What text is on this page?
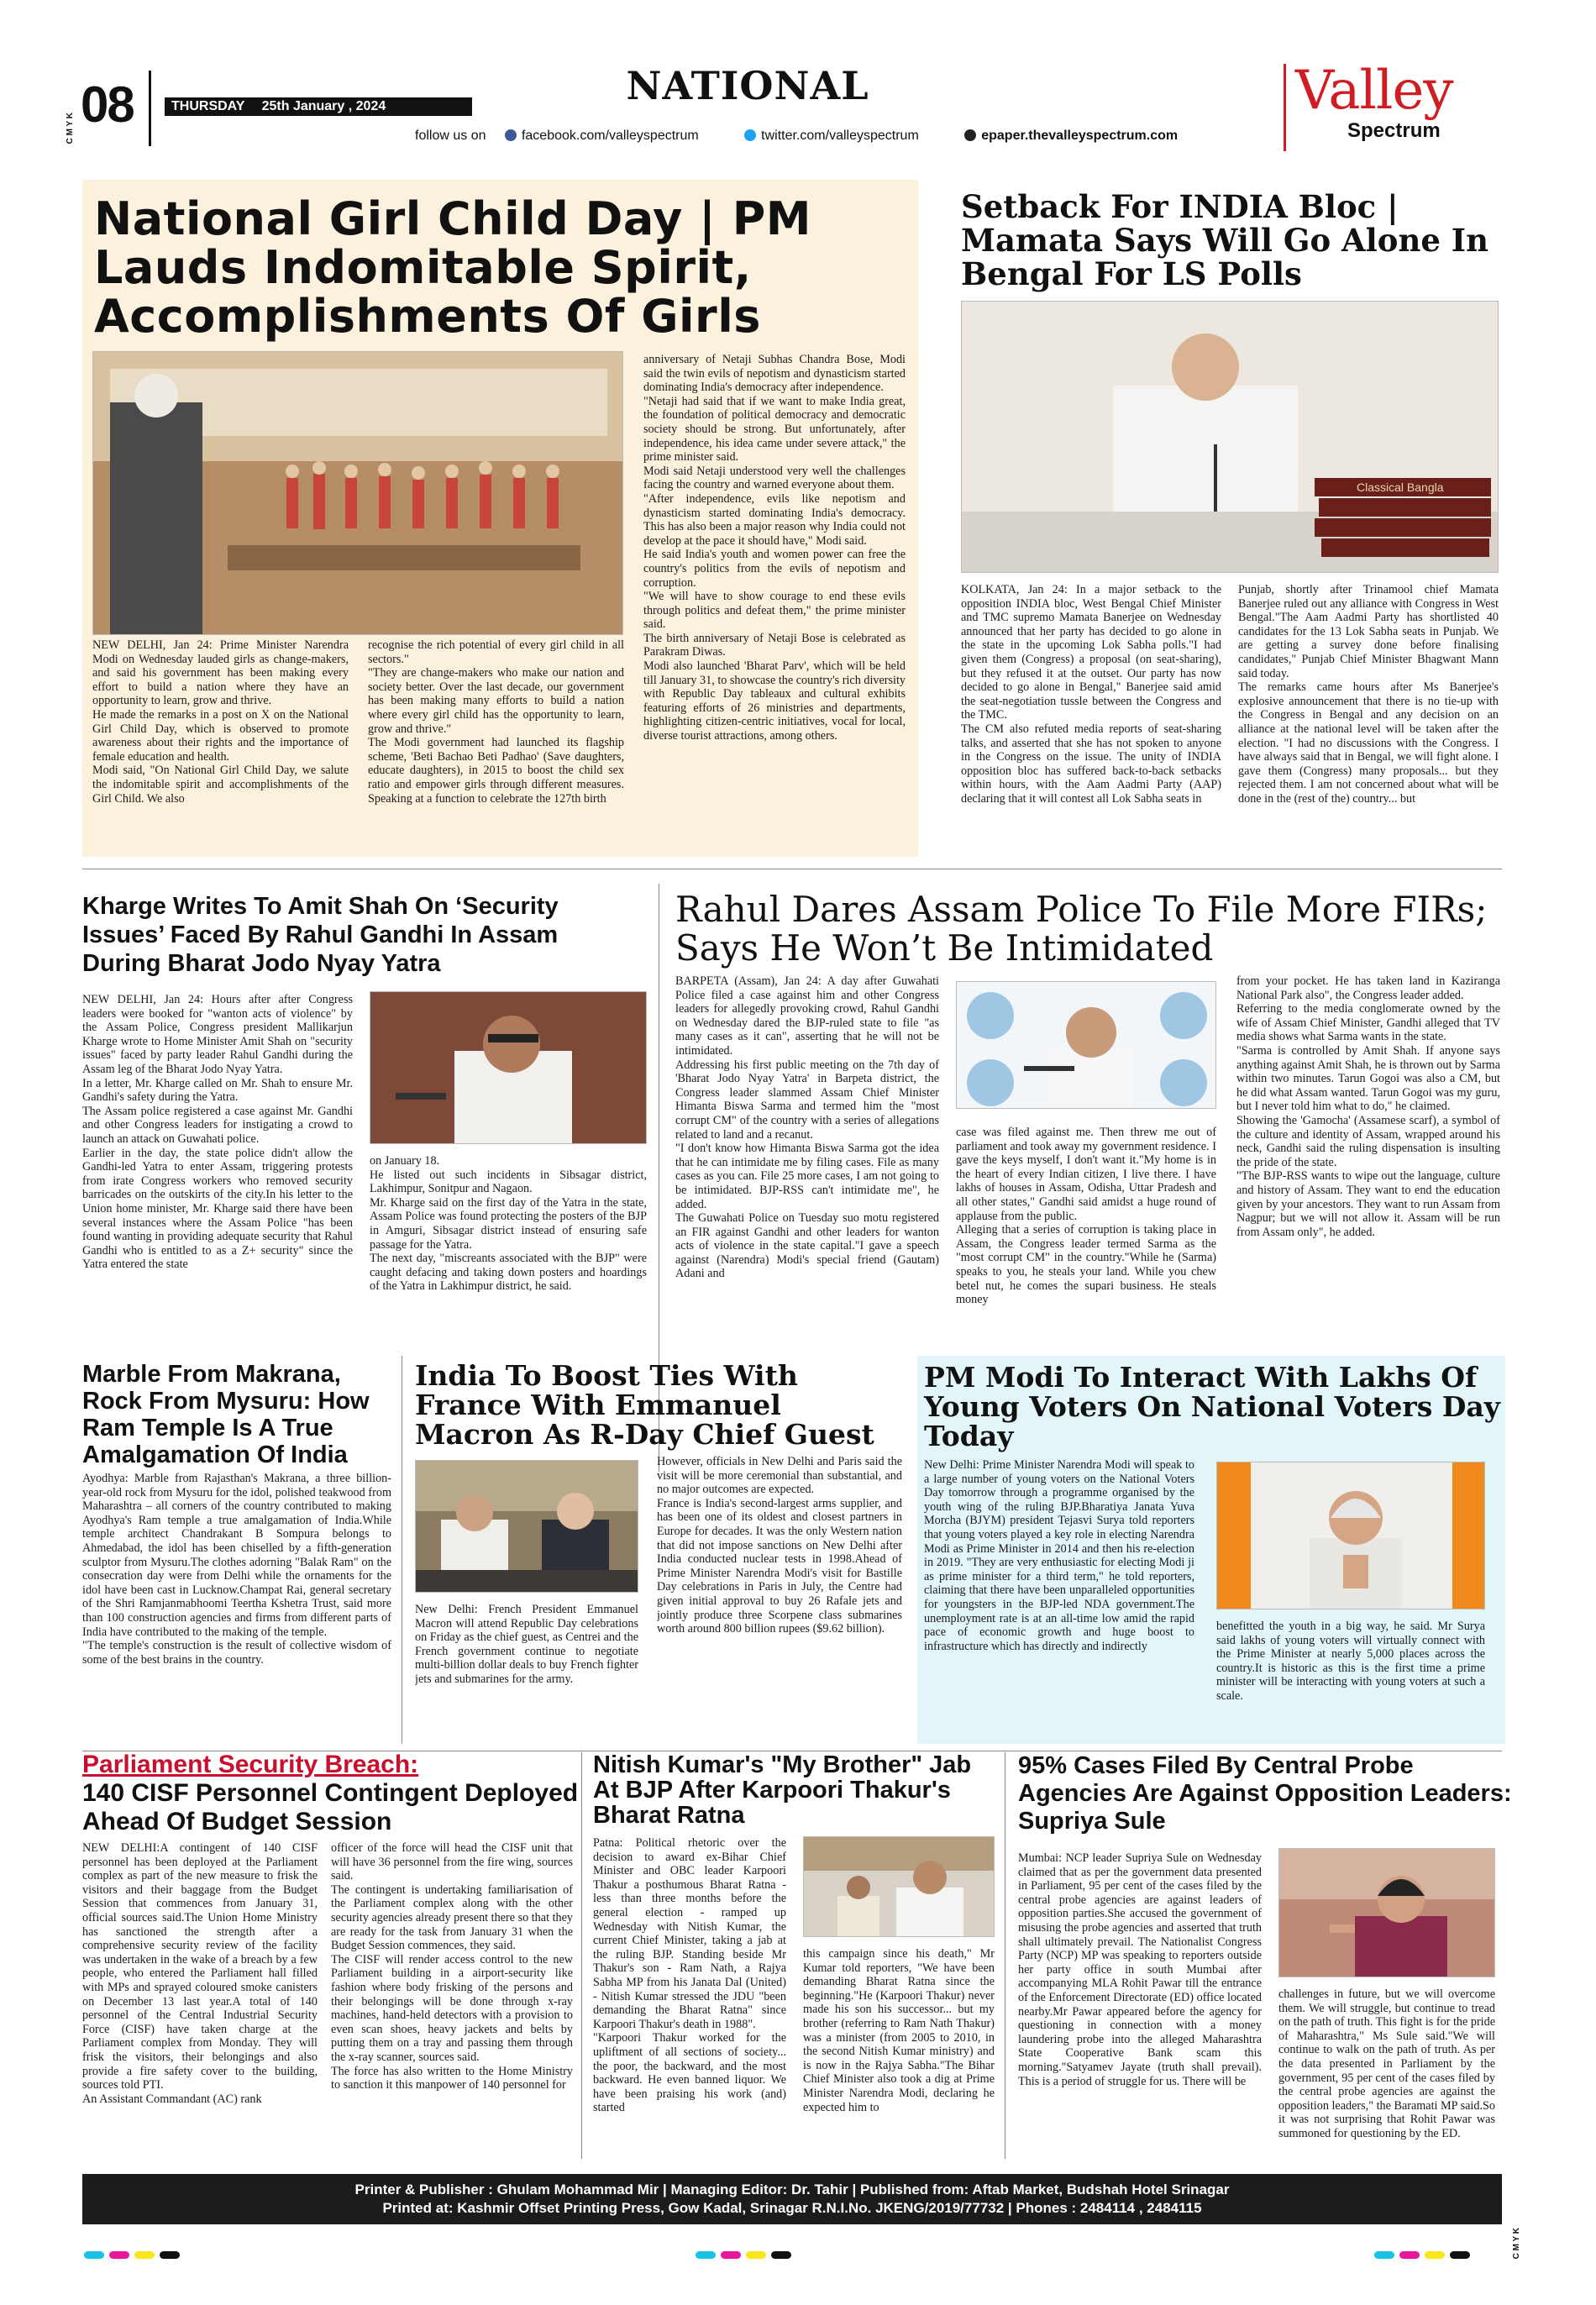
C M Y K 08	THURSDAY 25th January , 2024	NATIONAL
follow us on	facebook.com/valleyspectrum	twitter.com/valleyspectrum	epaper.thevalleyspectrum.com
Valley
Spectrum
National Girl Child Day | PM Lauds Indomitable Spirit, Accomplishments Of Girls
NEW DELHI, Jan 24: Prime Minister Narendra Modi on Wednesday lauded girls as change-makers, and said his government has been making every effort to build a nation where they have an opportunity to learn, grow and thrive.
He made the remarks in a post on X on the National Girl Child Day, which is observed to promote awareness about their rights and the importance of female education and health.
Modi said, "On National Girl Child Day, we salute the indomitable spirit and accomplishments of the Girl Child. We also
recognise the rich potential of every girl child in all sectors."
"They are change-makers who make our nation and society better. Over the last decade, our government has been making many efforts to build a nation where every girl child has the opportunity to learn, grow and thrive."
The Modi government had launched its flagship scheme, 'Beti Bachao Beti Padhao' (Save daughters, educate daughters), in 2015 to boost the child sex ratio and empower girls through different measures. Speaking at a function to celebrate the 127th birth
anniversary of Netaji Subhas Chandra Bose, Modi said the twin evils of nepotism and dynasticism started dominating India's democracy after independence.
"Netaji had said that if we want to make India great, the foundation of political democracy and democratic society should be strong. But unfortunately, after independence, his idea came under severe attack," the prime minister said.
Modi said Netaji understood very well the challenges facing the country and warned everyone about them.
"After independence, evils like nepotism and dynasticism started dominating India's democracy. This has also been a major reason why India could not develop at the pace it should have," Modi said.
He said India's youth and women power can free the country's politics from the evils of nepotism and corruption.
"We will have to show courage to end these evils through politics and defeat them," the prime minister said.
The birth anniversary of Netaji Bose is celebrated as Parakram Diwas.
Modi also launched 'Bharat Parv', which will be held till January 31, to showcase the country's rich diversity with Republic Day tableaux and cultural exhibits featuring efforts of 26 ministries and departments, highlighting citizen-centric initiatives, vocal for local, diverse tourist attractions, among others.
Setback For INDIA Bloc | Mamata Says Will Go Alone In Bengal For LS Polls
Classical Bangla
KOLKATA, Jan 24: In a major setback to the opposition INDIA bloc, West Bengal Chief Minister and TMC supremo Mamata Banerjee on Wednesday announced that her party has decided to go alone in the state in the upcoming Lok Sabha polls."I had given them (Congress) a proposal (on seat-sharing), but they refused it at the outset. Our party has now decided to go alone in Bengal," Banerjee said amid the seat-negotiation tussle between the Congress and the TMC.
The CM also refuted media reports of seat-sharing talks, and asserted that she has not spoken to anyone in the Congress on the issue. The unity of INDIA opposition bloc has suffered back-to-back setbacks within hours, with the Aam Aadmi Party (AAP) declaring that it will contest all Lok Sabha seats in
Punjab, shortly after Trinamool chief Mamata Banerjee ruled out any alliance with Congress in West Bengal."The Aam Aadmi Party has shortlisted 40 candidates for the 13 Lok Sabha seats in Punjab. We are getting a survey done before finalising candidates," Punjab Chief Minister Bhagwant Mann said today.
The remarks came hours after Ms Banerjee's explosive announcement that there is no tie-up with the Congress in Bengal and any decision on an alliance at the national level will be taken after the election. "I had no discussions with the Congress. I have always said that in Bengal, we will fight alone. I gave them (Congress) many proposals... but they rejected them. I am not concerned about what will be done in the (rest of the) country... but
Kharge Writes To Amit Shah On ‘Security Issues’ Faced By Rahul Gandhi In Assam During Bharat Jodo Nyay Yatra
NEW DELHI, Jan 24: Hours after after Congress leaders were booked for "wanton acts of violence" by the Assam Police, Congress president Mallikarjun Kharge wrote to Home Minister Amit Shah on "security issues" faced by party leader Rahul Gandhi during the Assam leg of the Bharat Jodo Nyay Yatra.
In a letter, Mr. Kharge called on Mr. Shah to ensure Mr. Gandhi's safety during the Yatra.
The Assam police registered a case against Mr. Gandhi and other Congress leaders for instigating a crowd to launch an attack on Guwahati police.
Earlier in the day, the state police didn't allow the Gandhi-led Yatra to enter Assam, triggering protests from irate Congress workers who removed security barricades on the outskirts of the city.In his letter to the Union home minister, Mr. Kharge said there have been several instances where the Assam Police "has been found wanting in providing adequate security that Rahul Gandhi who is entitled to as a Z+ security" since the Yatra entered the state
on January 18.
He listed out such incidents in Sibsagar district, Lakhimpur, Sonitpur and Nagaon.
Mr. Kharge said on the first day of the Yatra in the state, Assam Police was found protecting the posters of the BJP in Amguri, Sibsagar district instead of ensuring safe passage for the Yatra.
The next day, "miscreants associated with the BJP" were caught defacing and taking down posters and hoardings of the Yatra in Lakhimpur district, he said.
Rahul Dares Assam Police To File More FIRs; Says He Won’t Be Intimidated
BARPETA (Assam), Jan 24: A day after Guwahati Police filed a case against him and other Congress leaders for allegedly provoking crowd, Rahul Gandhi on Wednesday dared the BJP-ruled state to file "as many cases as it can", asserting that he will not be intimidated.
Addressing his first public meeting on the 7th day of 'Bharat Jodo Nyay Yatra' in Barpeta district, the Congress leader slammed Assam Chief Minister Himanta Biswa Sarma and termed him the "most corrupt CM" of the country with a series of allegations related to land and a recanut.
"I don't know how Himanta Biswa Sarma got the idea that he can intimidate me by filing cases. File as many cases as you can. File 25 more cases, I am not going to be intimidated. BJP-RSS can't intimidate me", he added.
The Guwahati Police on Tuesday suo motu registered an FIR against Gandhi and other leaders for wanton acts of violence in the state capital."I gave a speech against (Narendra) Modi's special friend (Gautam) Adani and
case was filed against me. Then threw me out of parliament and took away my government residence. I gave the keys myself, I don't want it."My home is in the heart of every Indian citizen, I live there. I have lakhs of houses in Assam, Odisha, Uttar Pradesh and all other states," Gandhi said amidst a huge round of applause from the public.
Alleging that a series of corruption is taking place in Assam, the Congress leader termed Sarma as the "most corrupt CM" in the country."While he (Sarma) speaks to you, he steals your land. While you chew betel nut, he comes the supari business. He steals money
from your pocket. He has taken land in Kaziranga National Park also", the Congress leader added.
Referring to the media conglomerate owned by the wife of Assam Chief Minister, Gandhi alleged that TV media shows what Sarma wants in the state.
"Sarma is controlled by Amit Shah. If anyone says anything against Amit Shah, he is thrown out by Sarma within two minutes. Tarun Gogoi was also a CM, but he did what Assam wanted. Tarun Gogoi was my guru, but I never told him what to do," he claimed.
Showing the 'Gamocha' (Assamese scarf), a symbol of the culture and identity of Assam, wrapped around his neck, Gandhi said the ruling dispensation is insulting the pride of the state.
"The BJP-RSS wants to wipe out the language, culture and history of Assam. They want to end the education given by your ancestors. They want to run Assam from Nagpur; but we will not allow it. Assam will be run from Assam only", he added.
Marble From Makrana, Rock From Mysuru: How Ram Temple Is A True Amalgamation Of India
Ayodhya: Marble from Rajasthan's Makrana, a three billion-year-old rock from Mysuru for the idol, polished teakwood from Maharashtra – all corners of the country contributed to making Ayodhya's Ram temple a true amalgamation of India.While temple architect Chandrakant B Sompura belongs to Ahmedabad, the idol has been chiselled by a fifth-generation sculptor from Mysuru.The clothes adorning "Balak Ram" on the consecration day were from Delhi while the ornaments for the idol have been cast in Lucknow.Champat Rai, general secretary of the Shri Ramjanmabhoomi Teertha Kshetra Trust, said more than 100 construction agencies and firms from different parts of India have contributed to the making of the temple.
"The temple's construction is the result of collective wisdom of some of the best brains in the country.
India To Boost Ties With France With Emmanuel Macron As R-Day Chief Guest
New Delhi: French President Emmanuel Macron will attend Republic Day celebrations on Friday as the chief guest, as Centrei and the French government continue to negotiate multi-billion dollar deals to buy French fighter jets and submarines for the army.
However, officials in New Delhi and Paris said the visit will be more ceremonial than substantial, and no major outcomes are expected.
France is India's second-largest arms supplier, and has been one of its oldest and closest partners in Europe for decades. It was the only Western nation that did not impose sanctions on New Delhi after India conducted nuclear tests in 1998.Ahead of Prime Minister Narendra Modi's visit for Bastille Day celebrations in Paris in July, the Centre had given initial approval to buy 26 Rafale jets and jointly produce three Scorpene class submarines worth around 800 billion rupees ($9.62 billion).
PM Modi To Interact With Lakhs Of Young Voters On National Voters Day Today
New Delhi: Prime Minister Narendra Modi will speak to a large number of young voters on the National Voters Day tomorrow through a programme organised by the youth wing of the ruling BJP.Bharatiya Janata Yuva Morcha (BJYM) president Tejasvi Surya told reporters that young voters played a key role in electing Narendra Modi as Prime Minister in 2014 and then his re-election in 2019. "They are very enthusiastic for electing Modi ji as prime minister for a third term," he told reporters, claiming that there have been unparalleled opportunities for youngsters in the BJP-led NDA government.The unemployment rate is at an all-time low amid the rapid pace of economic growth and huge boost to infrastructure which has directly and indirectly
benefitted the youth in a big way, he said. Mr Surya said lakhs of young voters will virtually connect with the Prime Minister at nearly 5,000 places across the country.It is historic as this is the first time a prime minister will be interacting with young voters at such a scale.
Parliament Security Breach:
140 CISF Personnel Contingent Deployed Ahead Of Budget Session
NEW DELHI:A contingent of 140 CISF personnel has been deployed at the Parliament complex as part of the new measure to frisk the visitors and their baggage from the Budget Session that commences from January 31, official sources said.The Union Home Ministry has sanctioned the strength after a comprehensive security review of the facility was undertaken in the wake of a breach by a few people, who entered the Parliament hall filled with MPs and sprayed coloured smoke canisters on December 13 last year.A total of 140 personnel of the Central Industrial Security Force (CISF) have taken charge at the Parliament complex from Monday. They will frisk the visitors, their belongings and also provide a fire safety cover to the building, sources told PTI.
An Assistant Commandant (AC) rank
officer of the force will head the CISF unit that will have 36 personnel from the fire wing, sources said.
The contingent is undertaking familiarisation of the Parliament complex along with the other security agencies already present there so that they are ready for the task from January 31 when the Budget Session commences, they said.
The CISF will render access control to the new Parliament building in a airport-security like fashion where body frisking of the persons and their belongings will be done through x-ray machines, hand-held detectors with a provision to even scan shoes, heavy jackets and belts by putting them on a tray and passing them through the x-ray scanner, sources said.
The force has also written to the Home Ministry to sanction it this manpower of 140 personnel for
Nitish Kumar's "My Brother" Jab At BJP After Karpoori Thakur's Bharat Ratna
Patna: Political rhetoric over the decision to award ex-Bihar Chief Minister and OBC leader Karpoori Thakur a posthumous Bharat Ratna - less than three months before the general election - ramped up Wednesday with Nitish Kumar, the current Chief Minister, taking a jab at the ruling BJP. Standing beside Mr Thakur's son - Ram Nath, a Rajya Sabha MP from his Janata Dal (United) - Nitish Kumar stressed the JDU "been demanding the Bharat Ratna" since Karpoori Thakur's death in 1988".
"Karpoori Thakur worked for the upliftment of all sections of society... the poor, the backward, and the most backward. He even banned liquor. We have been praising his work (and) started
this campaign since his death," Mr Kumar told reporters, "We have been demanding Bharat Ratna since the beginning."He (Karpoori Thakur) never made his son his successor... but my brother (referring to Ram Nath Thakur) was a minister (from 2005 to 2010, in the second Nitish Kumar ministry) and is now in the Rajya Sabha."The Bihar Chief Minister also took a dig at Prime Minister Narendra Modi, declaring he expected him to
95% Cases Filed By Central Probe Agencies Are Against Opposition Leaders: Supriya Sule
Mumbai: NCP leader Supriya Sule on Wednesday claimed that as per the government data presented in Parliament, 95 per cent of the cases filed by the central probe agencies are against leaders of opposition parties.She accused the government of misusing the probe agencies and asserted that truth shall ultimately prevail. The Nationalist Congress Party (NCP) MP was speaking to reporters outside her party office in south Mumbai after accompanying MLA Rohit Pawar till the entrance of the Enforcement Directorate (ED) office located nearby.Mr Pawar appeared before the agency for questioning in connection with a money laundering probe into the alleged Maharashtra State Cooperative Bank scam this morning."Satyamev Jayate (truth shall prevail). This is a period of struggle for us. There will be
challenges in future, but we will overcome them. We will struggle, but continue to tread on the path of truth. This fight is for the pride of Maharashtra," Ms Sule said."We will continue to walk on the path of truth. As per the data presented in Parliament by the government, 95 per cent of the cases filed by the central probe agencies are against the opposition leaders," the Baramati MP said.So it was not surprising that Rohit Pawar was summoned for questioning by the ED.
Printer & Publisher : Ghulam Mohammad Mir | Managing Editor: Dr. Tahir | Published from: Aftab Market, Budshah Hotel Srinagar
Printed at: Kashmir Offset Printing Press, Gow Kadal, Srinagar R.N.I.No. JKENG/2019/77732 | Phones : 2484114 , 2484115
C M Y K
